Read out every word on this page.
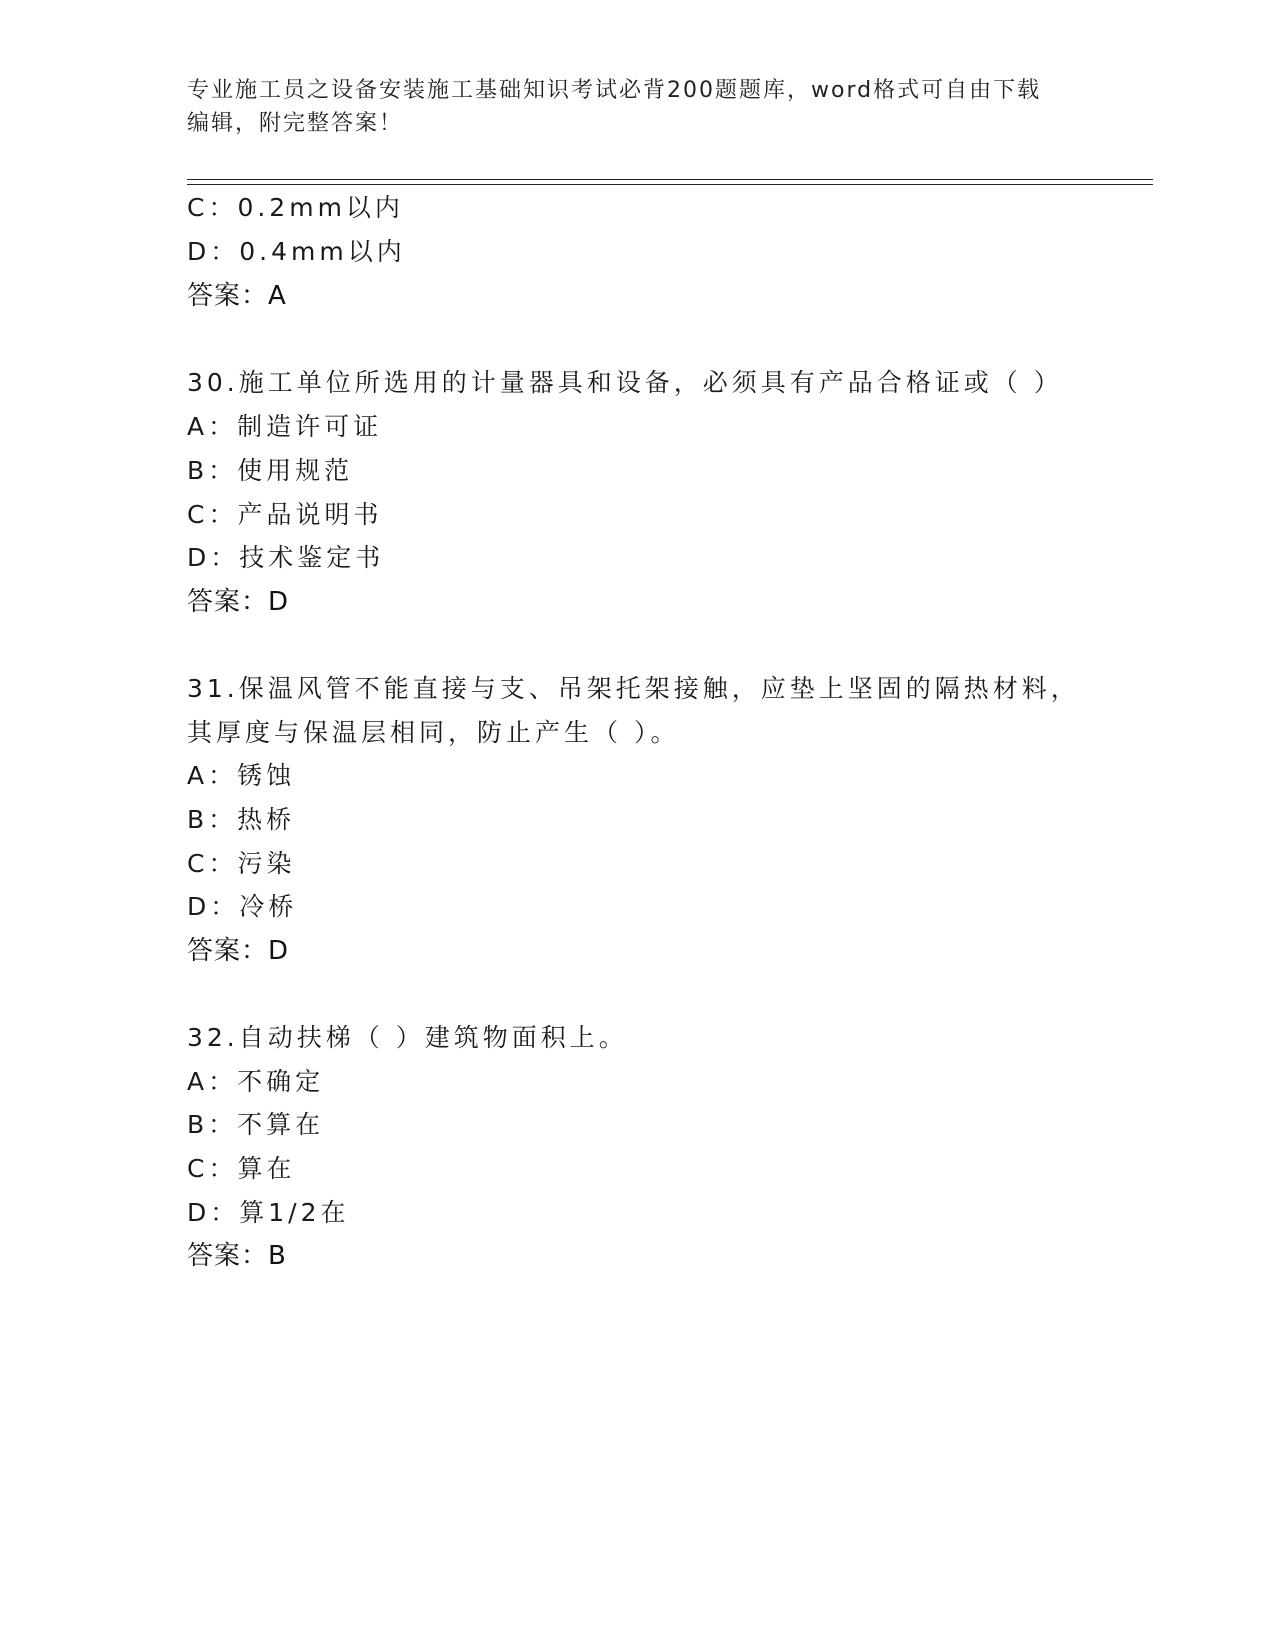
专业施工员之设备安装施工基础知识考试必背200题题库，word格式可自由下载
编辑，附完整答案！
C：0.2mm以内
D：0.4mm以内
答案：A
30.施工单位所选用的计量器具和设备，必须具有产品合格证或（ ）
A：制造许可证
B：使用规范
C：产品说明书
D：技术鉴定书
答案：D
31.保温风管不能直接与支、吊架托架接触，应垫上坚固的隔热材料，
其厚度与保温层相同，防止产生（ ）。
A：锈蚀
B：热桥
C：污染
D：冷桥
答案：D
32.自动扶梯（ ）建筑物面积上。
A：不确定
B：不算在
C：算在
D：算1/2在
答案：B
